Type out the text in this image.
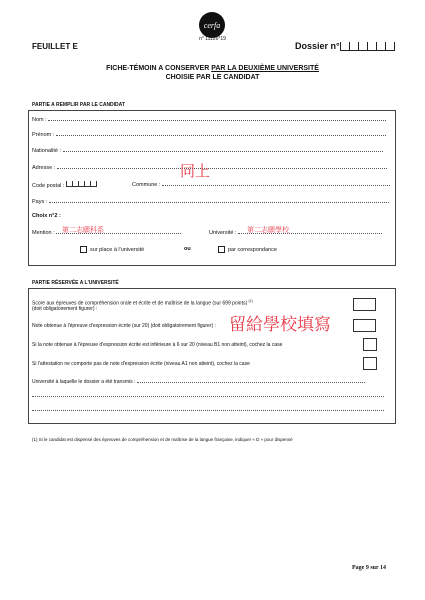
cerfa
n° 11126*19
FEUILLET E	Dossier n°
FICHE-TÉMOIN A CONSERVER PAR LA DEUXIÈME UNIVERSITÉ
CHOISIE PAR LE CANDIDAT
PARTIE A REMPLIR PAR LE CANDIDAT
Nom :
Prénom :
Nationalité :
Adresse :	同上
Code postal :	Commune :
Pays :
Choix n°2 :
Mention :	第二志願科系	Université :	第二志願學校
sur place à l'université	ou	par correspondance
PARTIE RÉSERVÉE A L'UNIVERSITÉ
Score aux épreuves de compréhension orale et écrite et de maîtrise de la langue (sur 699 points) $^{(1)}$
(doit obligatoirement figurer) :
Note obtenue à l'épreuve d'expression écrite (sur 20) (doit obligatoirement figurer) : 留給學校填寫
Si la note obtenue à l'épreuve d'expression écrite est inférieure à 6 sur 20 (niveau B1 non atteint), cochez la case
Si l'attestation ne comporte pas de note d'expression écrite (niveau A1 non atteint), cochez la case
Université à laquelle le dossier a été transmis :
(1) Si le candidat est dispensé des épreuves de compréhension et de maîtrise de la langue française, indiquer « D » pour dispensé
Page 9 sur 14
